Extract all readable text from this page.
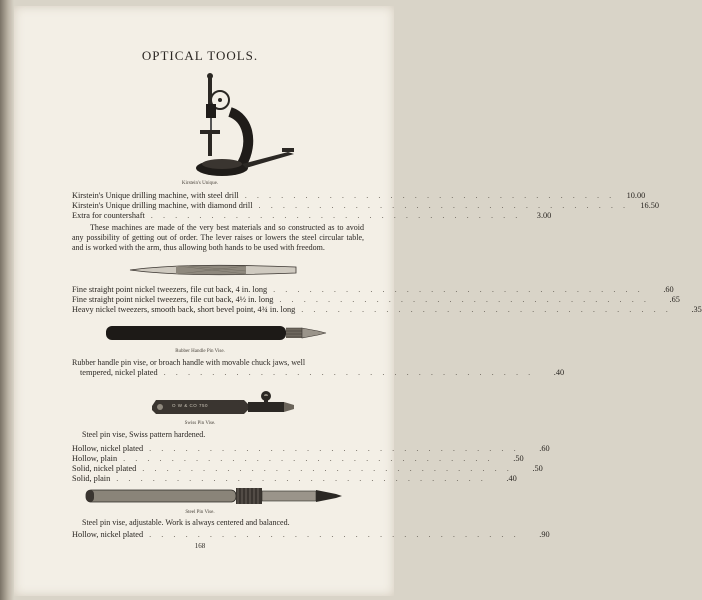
OPTICAL TOOLS.
Kirstein's Unique.
Kirstein's Unique drilling machine, with steel drill . . . . . . . . . . . . . . . . . . . . . . . . . . . . . . .	10.00
Kirstein's Unique drilling machine, with diamond drill . . . . . . . . . . . . . . . . . . . . . . . . . . . . . . .	16.50
Extra for countershaft . . . . . . . . . . . . . . . . . . . . . . . . . . . . . . .	3.00
These machines are made of the very best materials and so constructed as to avoid any possibility of getting out of order. The lever raises or lowers the steel circular table, and is worked with the arm, thus allowing both hands to be used with freedom.
Fine straight point nickel tweezers, file cut back, 4 in. long . . . . . . . . . . . . . . . . . . . . . . . . . . . . . . .	.60
Fine straight point nickel tweezers, file cut back, 4½ in. long . . . . . . . . . . . . . . . . . . . . . . . . . . . . . . .	.65
Heavy nickel tweezers, smooth back, short bevel point, 4¾ in. long . . . . . . . . . . . . . . . . . . . . . . . . . . . . . . .	.35
Rubber Handle Pin Vise.
Rubber handle pin vise, or broach handle with movable chuck jaws, well
tempered, nickel plated . . . . . . . . . . . . . . . . . . . . . . . . . . . . . . .	.40
O W & CO 750
Swiss Pin Vise.
Steel pin vise, Swiss pattern hardened.
Hollow, nickel plated . . . . . . . . . . . . . . . . . . . . . . . . . . . . . . .	.60
Hollow, plain . . . . . . . . . . . . . . . . . . . . . . . . . . . . . . .	.50
Solid, nickel plated . . . . . . . . . . . . . . . . . . . . . . . . . . . . . . .	.50
Solid, plain . . . . . . . . . . . . . . . . . . . . . . . . . . . . . . .	.40
Steel Pin Vise.
Steel pin vise, adjustable. Work is always centered and balanced.
Hollow, nickel plated . . . . . . . . . . . . . . . . . . . . . . . . . . . . . . .	.90
168
